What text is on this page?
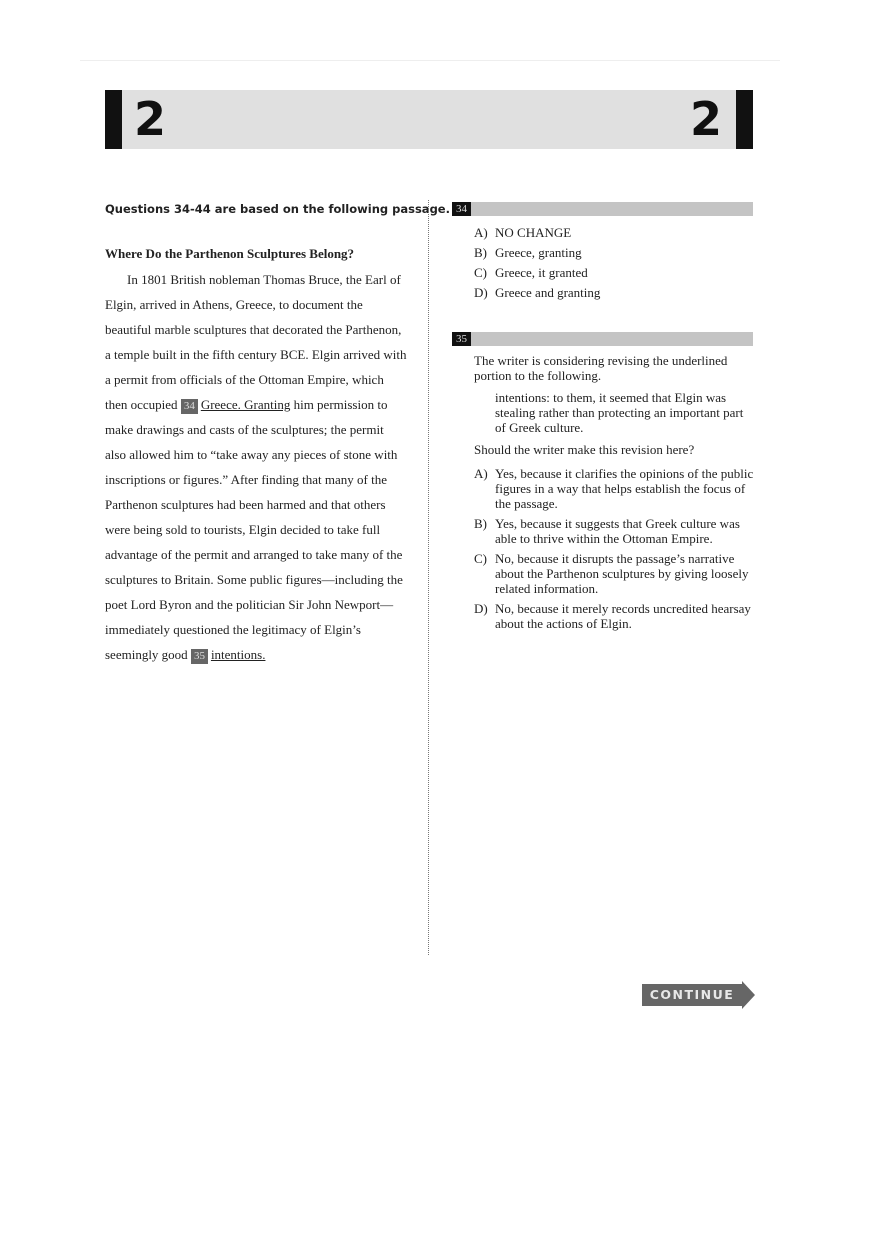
2	2
Questions 34-44 are based on the following passage.
Where Do the Parthenon Sculptures Belong?
then occupied 34 Greece. Granting him permission to
seemingly good 35 intentions.
34
35
The writer is considering revising the underlined portion to the following.
intentions: to them, it seemed that Elgin was stealing rather than protecting an important part of Greek culture.
Should the writer make this revision here?
A) Yes, because it clarifies the opinions of the public figures in a way that helps establish the focus of the passage.
B) Yes, because it suggests that Greek culture was able to thrive within the Ottoman Empire.
C) No, because it disrupts the passage’s narrative about the Parthenon sculptures by giving loosely related information.
D) No, because it merely records uncredited hearsay about the actions of Elgin.
CONTINUE
In 1801 British nobleman Thomas Bruce, the Earl of
Elgin, arrived in Athens, Greece, to document the
beautiful marble sculptures that decorated the Parthenon,
a temple built in the fifth century BCE. Elgin arrived with
a permit from officials of the Ottoman Empire, which
make drawings and casts of the sculptures; the permit
also allowed him to “take away any pieces of stone with
inscriptions or figures.” After finding that many of the
Parthenon sculptures had been harmed and that others
were being sold to tourists, Elgin decided to take full
advantage of the permit and arranged to take many of the
sculptures to Britain. Some public figures—including the
poet Lord Byron and the politician Sir John Newport—
immediately questioned the legitimacy of Elgin’s
A) NO CHANGE
B) Greece, granting
C) Greece, it granted
D) Greece and granting
